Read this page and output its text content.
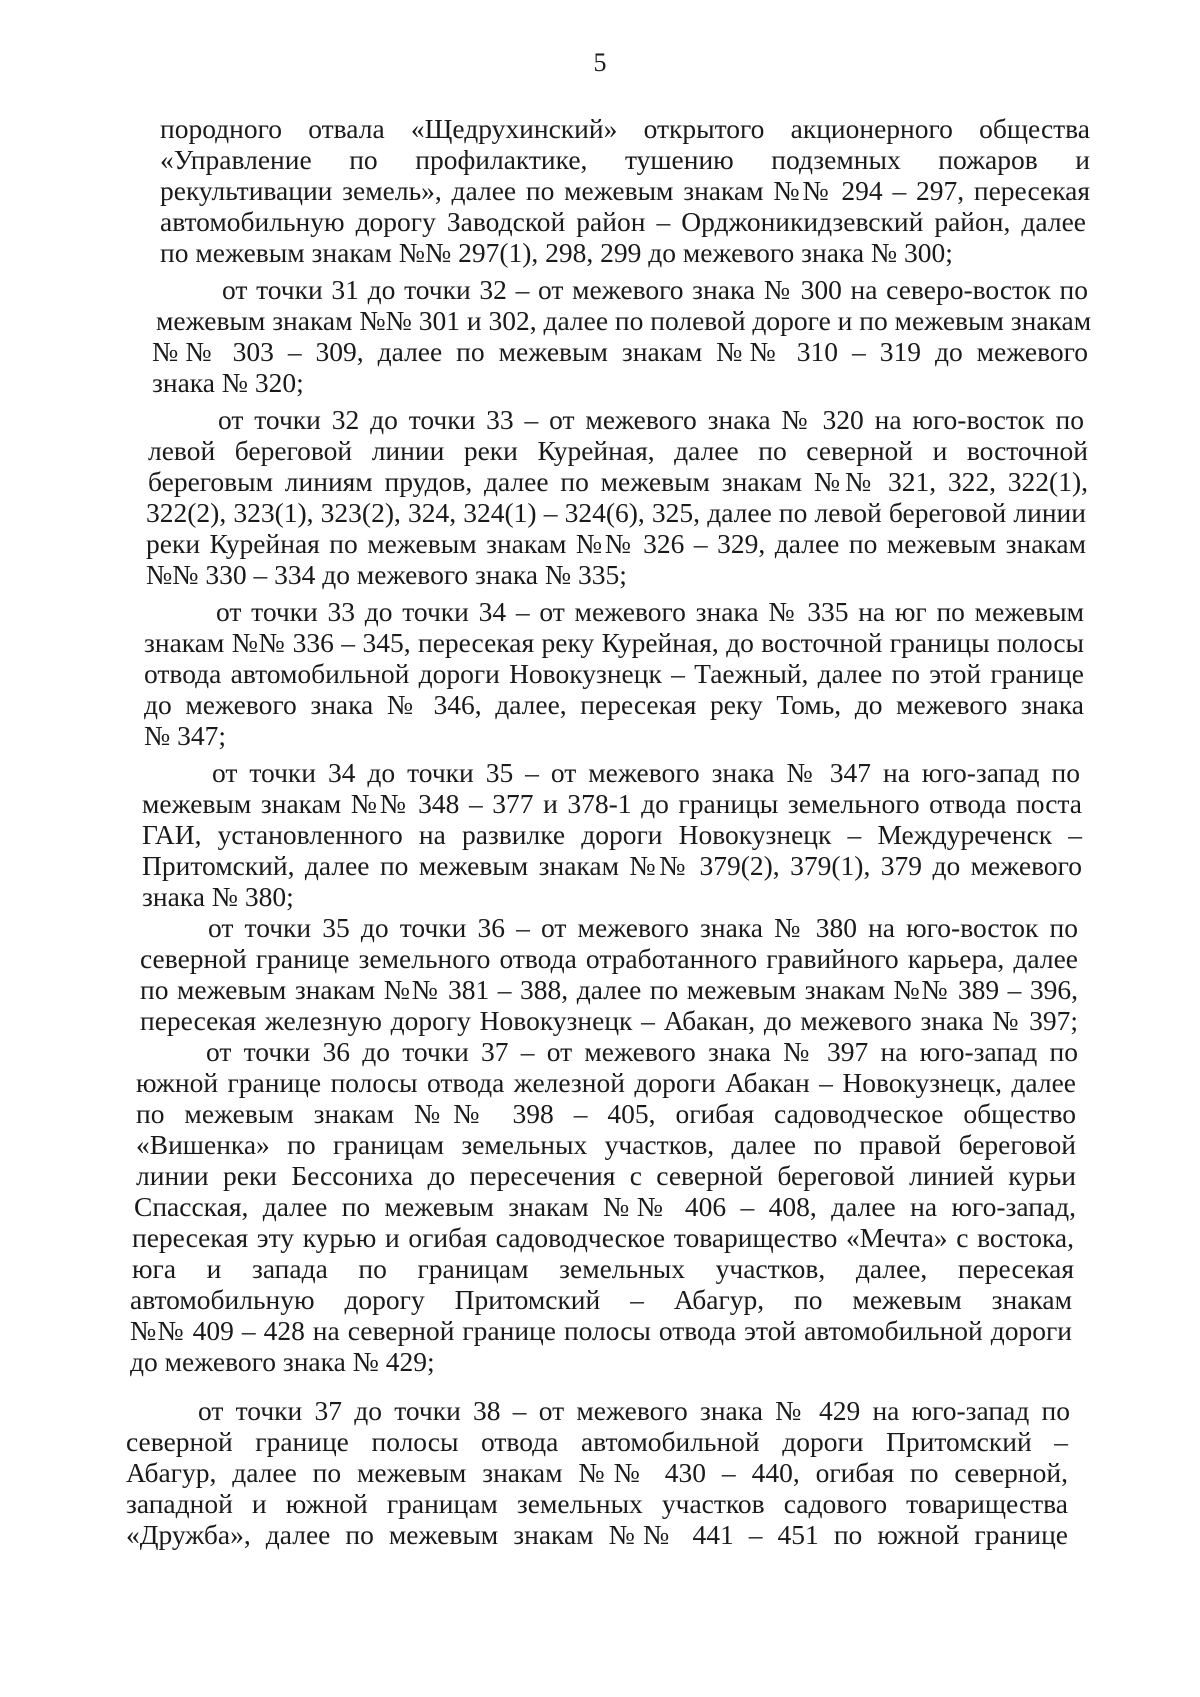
5
породного отвала «Щедрухинский» открытого акционерного общества
«Управление по профилактике, тушению подземных пожаров и
рекультивации земель», далее по межевым знакам №№ 294 – 297, пересекая
автомобильную дорогу Заводской район – Орджоникидзевский район, далее
по межевым знакам №№ 297(1), 298, 299 до межевого знака № 300;
от точки 31 до точки 32 – от межевого знака № 300 на северо-восток по
межевым знакам №№ 301 и 302, далее по полевой дороге и по межевым знакам
№№ 303 – 309, далее по межевым знакам №№ 310 – 319 до межевого
знака № 320;
от точки 32 до точки 33 – от межевого знака № 320 на юго-восток по
левой береговой линии реки Курейная, далее по северной и восточной
береговым линиям прудов, далее по межевым знакам №№ 321, 322, 322(1),
322(2), 323(1), 323(2), 324, 324(1) – 324(6), 325, далее по левой береговой линии
реки Курейная по межевым знакам №№ 326 – 329, далее по межевым знакам
№№ 330 – 334 до межевого знака № 335;
от точки 33 до точки 34 – от межевого знака № 335 на юг по межевым
знакам №№ 336 – 345, пересекая реку Курейная, до восточной границы полосы
отвода автомобильной дороги Новокузнецк – Таежный, далее по этой границе
до межевого знака № 346, далее, пересекая реку Томь, до межевого знака
№ 347;
от точки 34 до точки 35 – от межевого знака № 347 на юго-запад по
межевым знакам №№ 348 – 377 и 378-1 до границы земельного отвода поста
ГАИ, установленного на развилке дороги Новокузнецк – Междуреченск –
Притомский, далее по межевым знакам №№ 379(2), 379(1), 379 до межевого
знака № 380;
от точки 35 до точки 36 – от межевого знака № 380 на юго-восток по
северной границе земельного отвода отработанного гравийного карьера, далее
по межевым знакам №№ 381 – 388, далее по межевым знакам №№ 389 – 396,
пересекая железную дорогу Новокузнецк – Абакан, до межевого знака № 397;
от точки 36 до точки 37 – от межевого знака № 397 на юго-запад по
южной границе полосы отвода железной дороги Абакан – Новокузнецк, далее
по межевым знакам №№ 398 – 405, огибая садоводческое общество
«Вишенка» по границам земельных участков, далее по правой береговой
линии реки Бессониха до пересечения с северной береговой линией курьи
Спасская, далее по межевым знакам №№ 406 – 408, далее на юго-запад,
пересекая эту курью и огибая садоводческое товарищество «Мечта» с востока,
юга и запада по границам земельных участков, далее, пересекая
автомобильную дорогу Притомский – Абагур, по межевым знакам
№№ 409 – 428 на северной границе полосы отвода этой автомобильной дороги
до межевого знака № 429;
от точки 37 до точки 38 – от межевого знака № 429 на юго-запад по
северной границе полосы отвода автомобильной дороги Притомский –
Абагур, далее по межевым знакам №№ 430 – 440, огибая по северной,
западной и южной границам земельных участков садового товарищества
«Дружба», далее по межевым знакам №№ 441 – 451 по южной границе
